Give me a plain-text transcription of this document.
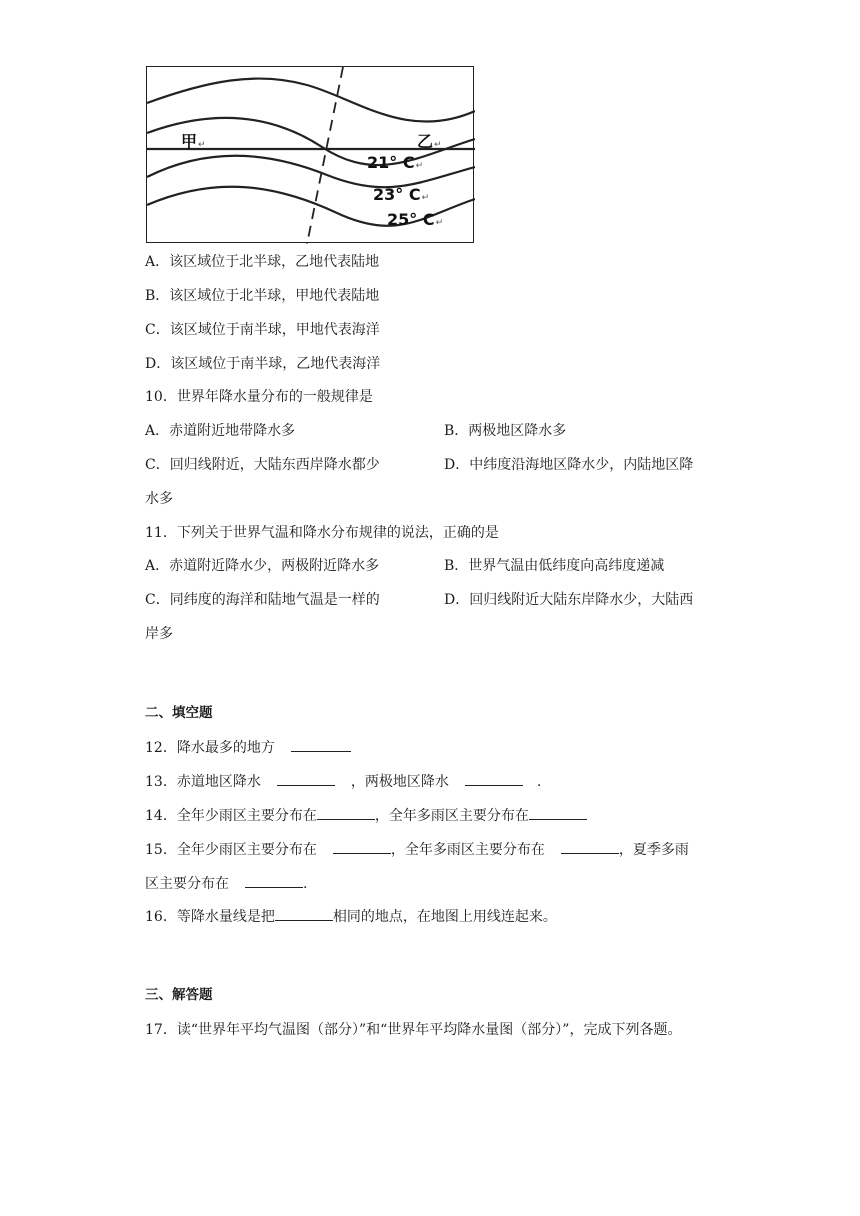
甲↵	乙↵
21° C↵
23° C↵
25° C↵
A．该区域位于北半球，乙地代表陆地
B．该区域位于北半球，甲地代表陆地
C．该区域位于南半球，甲地代表海洋
D．该区域位于南半球，乙地代表海洋
10．世界年降水量分布的一般规律是
A．赤道附近地带降水多	B．两极地区降水多
C．回归线附近，大陆东西岸降水都少	D．中纬度沿海地区降水少，内陆地区降
水多
11．下列关于世界气温和降水分布规律的说法，正确的是
A．赤道附近降水少，两极附近降水多	B．世界气温由低纬度向高纬度递减
C．同纬度的海洋和陆地气温是一样的	D．回归线附近大陆东岸降水少，大陆西
岸多
二、填空题
12．降水最多的地方
13．赤道地区降水	，两极地区降水	.
14．全年少雨区主要分布在	，全年多雨区主要分布在
15．全年少雨区主要分布在	，全年多雨区主要分布在	，夏季多雨
区主要分布在	.
16．等降水量线是把	相同的地点，在地图上用线连起来。
三、解答题
17．读“世界年平均气温图（部分）”和“世界年平均降水量图（部分）”，完成下列各题。
